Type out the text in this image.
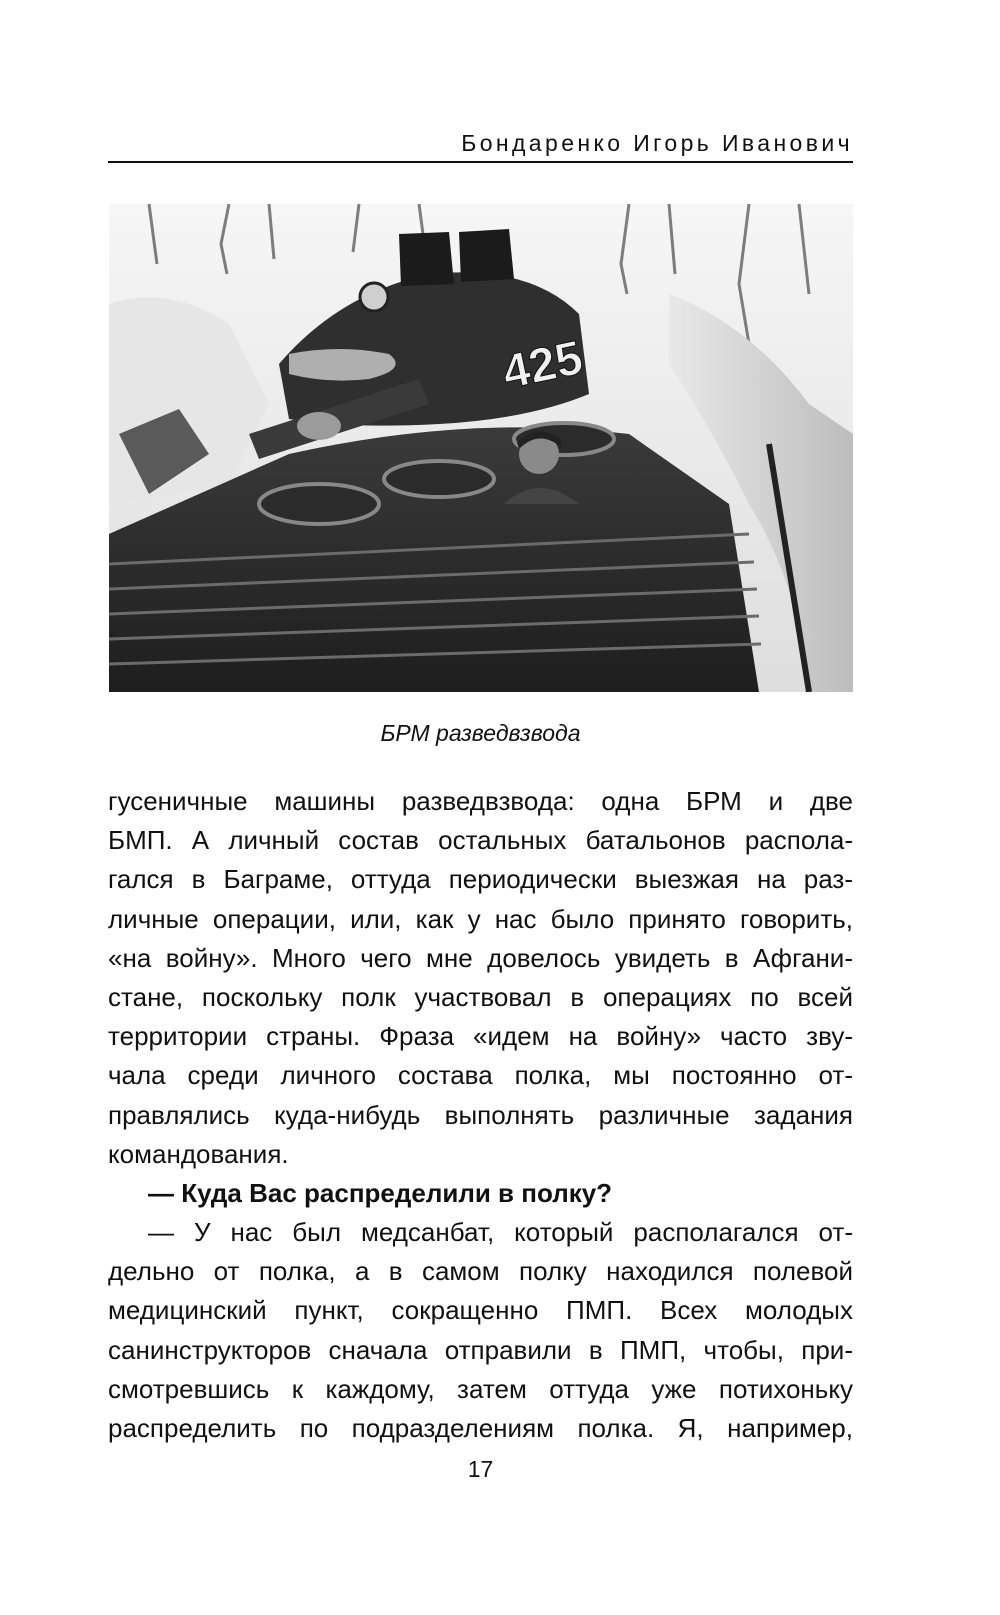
Бондаренко Игорь Иванович
425
БРМ разведвзвода
гусеничные машины разведвзвода: одна БРМ и две
БМП. А личный состав остальных батальонов распола-
гался в Баграме, оттуда периодически выезжая на раз-
личные операции, или, как у нас было принято говорить,
«на войну». Много чего мне довелось увидеть в Афгани-
стане, поскольку полк участвовал в операциях по всей
территории страны. Фраза «идем на войну» часто зву-
чала среди личного состава полка, мы постоянно от-
правлялись куда-нибудь выполнять различные задания
командования.
— Куда Вас распределили в полку?
— У нас был медсанбат, который располагался от-
дельно от полка, а в самом полку находился полевой
медицинский пункт, сокращенно ПМП. Всех молодых
санинструкторов сначала отправили в ПМП, чтобы, при-
смотревшись к каждому, затем оттуда уже потихоньку
распределить по подразделениям полка. Я, например,
17
